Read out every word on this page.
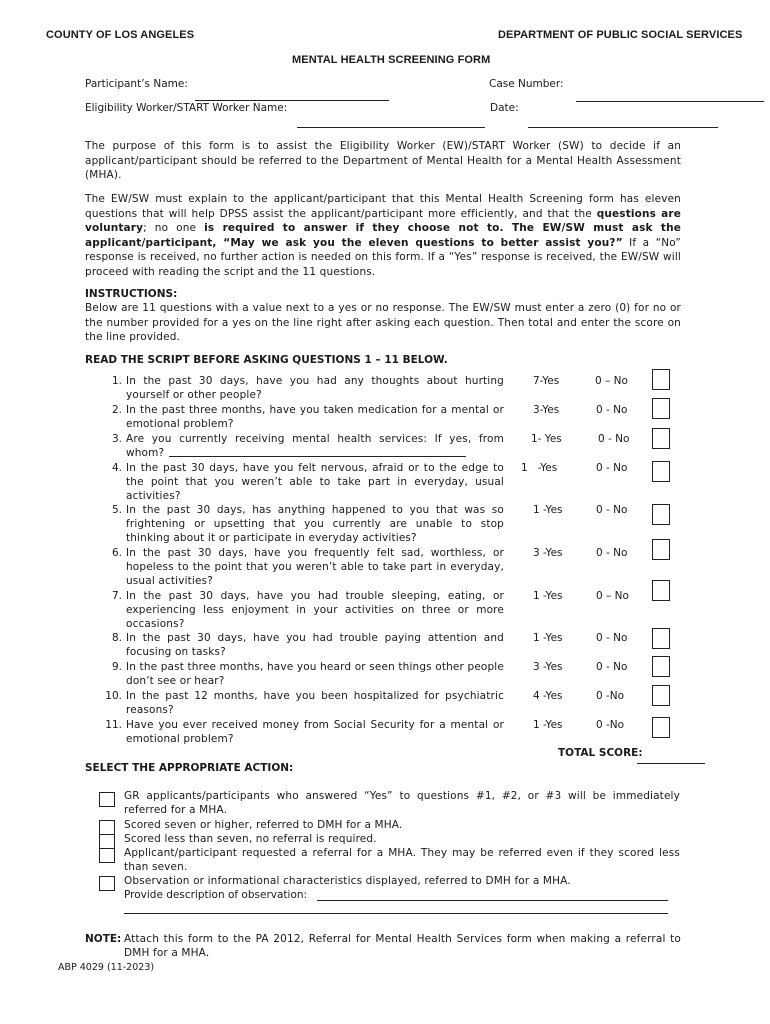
COUNTY OF LOS ANGELES	DEPARTMENT OF PUBLIC SOCIAL SERVICES
MENTAL HEALTH SCREENING FORM
Participant’s Name:	Case Number:
Eligibility Worker/START Worker Name:	Date:
The purpose of this form is to assist the Eligibility Worker (EW)/START Worker (SW) to decide if an applicant/participant should be referred to the Department of Mental Health for a Mental Health Assessment (MHA).
The EW/SW must explain to the applicant/participant that this Mental Health Screening form has eleven questions that will help DPSS assist the applicant/participant more efficiently, and that the questions are voluntary; no one is required to answer if they choose not to. The EW/SW must ask the applicant/participant, “May we ask you the eleven questions to better assist you?” If a “No” response is received, no further action is needed on this form. If a “Yes” response is received, the EW/SW will proceed with reading the script and the 11 questions.
INSTRUCTIONS:
Below are 11 questions with a value next to a yes or no response. The EW/SW must enter a zero (0) for no or the number provided for a yes on the line right after asking each question. Then total and enter the score on the line provided.
READ THE SCRIPT BEFORE ASKING QUESTIONS 1 – 11 BELOW.
1. In the past 30 days, have you had any thoughts about hurting yourself or other people?
7-Yes	0 – No
2. In the past three months, have you taken medication for a mental or emotional problem?
3-Yes	0 - No
3. Are you currently receiving mental health services: If yes, from whom?
1- Yes	0 - No
4. In the past 30 days, have you felt nervous, afraid or to the edge to the point that you weren’t able to take part in everyday, usual activities?
1   -Yes	0 - No
5. In the past 30 days, has anything happened to you that was so frightening or upsetting that you currently are unable to stop thinking about it or participate in everyday activities?
1 -Yes	0 - No
6. In the past 30 days, have you frequently felt sad, worthless, or hopeless to the point that you weren’t able to take part in everyday, usual activities?
3 -Yes	0 - No
7. In the past 30 days, have you had trouble sleeping, eating, or experiencing less enjoyment in your activities on three or more occasions?
1 -Yes	0 – No
8. In the past 30 days, have you had trouble paying attention and focusing on tasks?
1 -Yes	0 - No
9. In the past three months, have you heard or seen things other people don’t see or hear?
3 -Yes	0 - No
10. In the past 12 months, have you been hospitalized for psychiatric reasons?
4 -Yes	0 -No
11. Have you ever received money from Social Security for a mental or emotional problem?
1 -Yes	0 -No
TOTAL SCORE:
SELECT THE APPROPRIATE ACTION:
GR applicants/participants who answered “Yes” to questions #1, #2, or #3 will be immediately referred for a MHA.
Scored seven or higher, referred to DMH for a MHA.
Scored less than seven, no referral is required.
Applicant/participant requested a referral for a MHA. They may be referred even if they scored less than seven.
Observation or informational characteristics displayed, referred to DMH for a MHA.
Provide description of observation:
NOTE: Attach this form to the PA 2012, Referral for Mental Health Services form when making a referral to DMH for a MHA.
ABP 4029 (11-2023)
